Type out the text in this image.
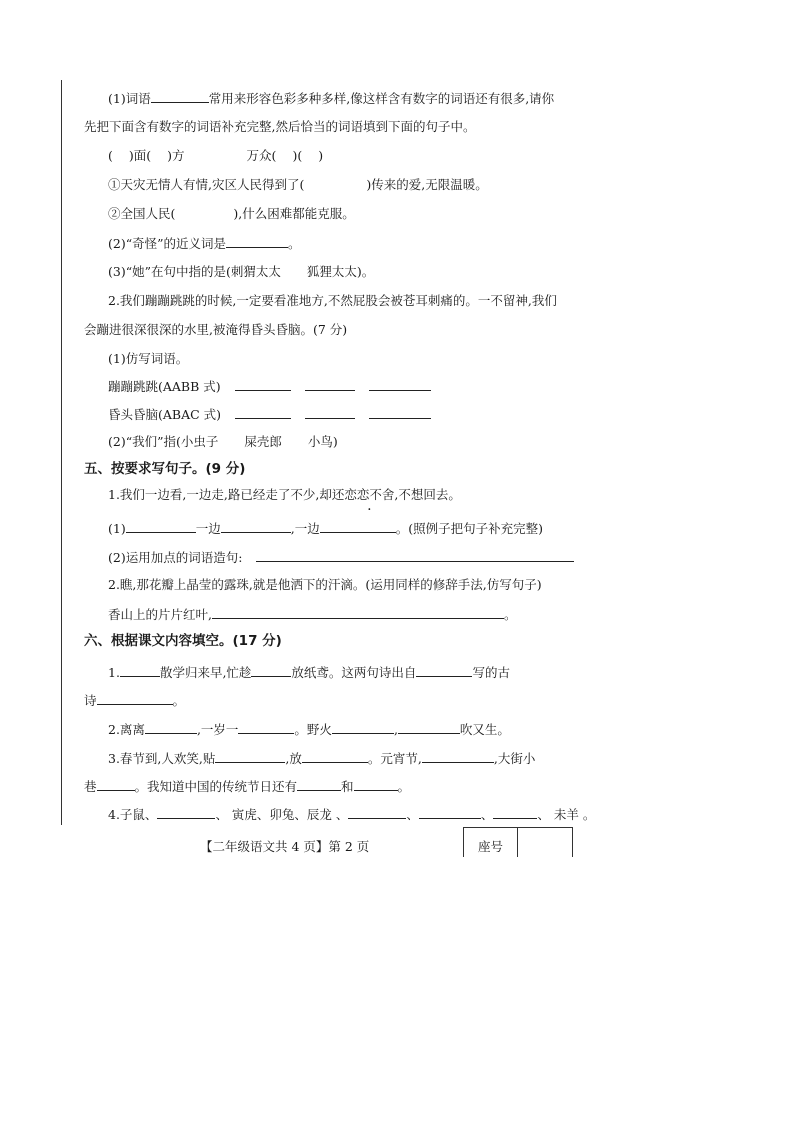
(1)词语	常用来形容色彩多种多样,像这样含有数字的词语还有很多,请你
先把下面含有数字的词语补充完整,然后恰当的词语填到下面的句子中。
( )面( )方	万众( )( )
①天灾无情人有情,灾区人民得到了(	)传来的爱,无限温暖。
②全国人民(	),什么困难都能克服。
(2)“奇怪”的近义词是	。
(3)“她”在句中指的是(刺猬太太 狐狸太太)。
2.我们蹦蹦跳跳的时候,一定要看准地方,不然屁股会被苍耳刺痛的。一不留神,我们
会蹦进很深很深的水里,被淹得昏头昏脑。(7 分)
(1)仿写词语。
蹦蹦跳跳(AABB 式)
昏头昏脑(ABAC 式)
(2)“我们”指(小虫子 屎壳郎 小鸟)
五、按要求写句子。(9 分)
1.我们一边看,一边走,路已经走了不少,却还恋恋不舍,不想回去。
(1)	一边	,一边	。(照例子把句子补充完整)
(2)运用加点的词语造句:
2.瞧,那花瓣上晶莹的露珠,就是他洒下的汗滴。(运用同样的修辞手法,仿写句子)
香山上的片片红叶,	。
六、根据课文内容填空。(17 分)
1.	散学归来早,忙趁	放纸鸢。这两句诗出自	写的古
诗	。
2.离离	,一岁一	。野火	,	吹又生。
3.春节到,人欢笑,贴	,放	。元宵节,	,大街小
巷	。我知道中国的传统节日还有	和	。
4.子鼠、	、 寅虎、卯兔、辰龙 、	、	、	、 未羊 。
【二年级语文共 4 页】第 2 页	座号
